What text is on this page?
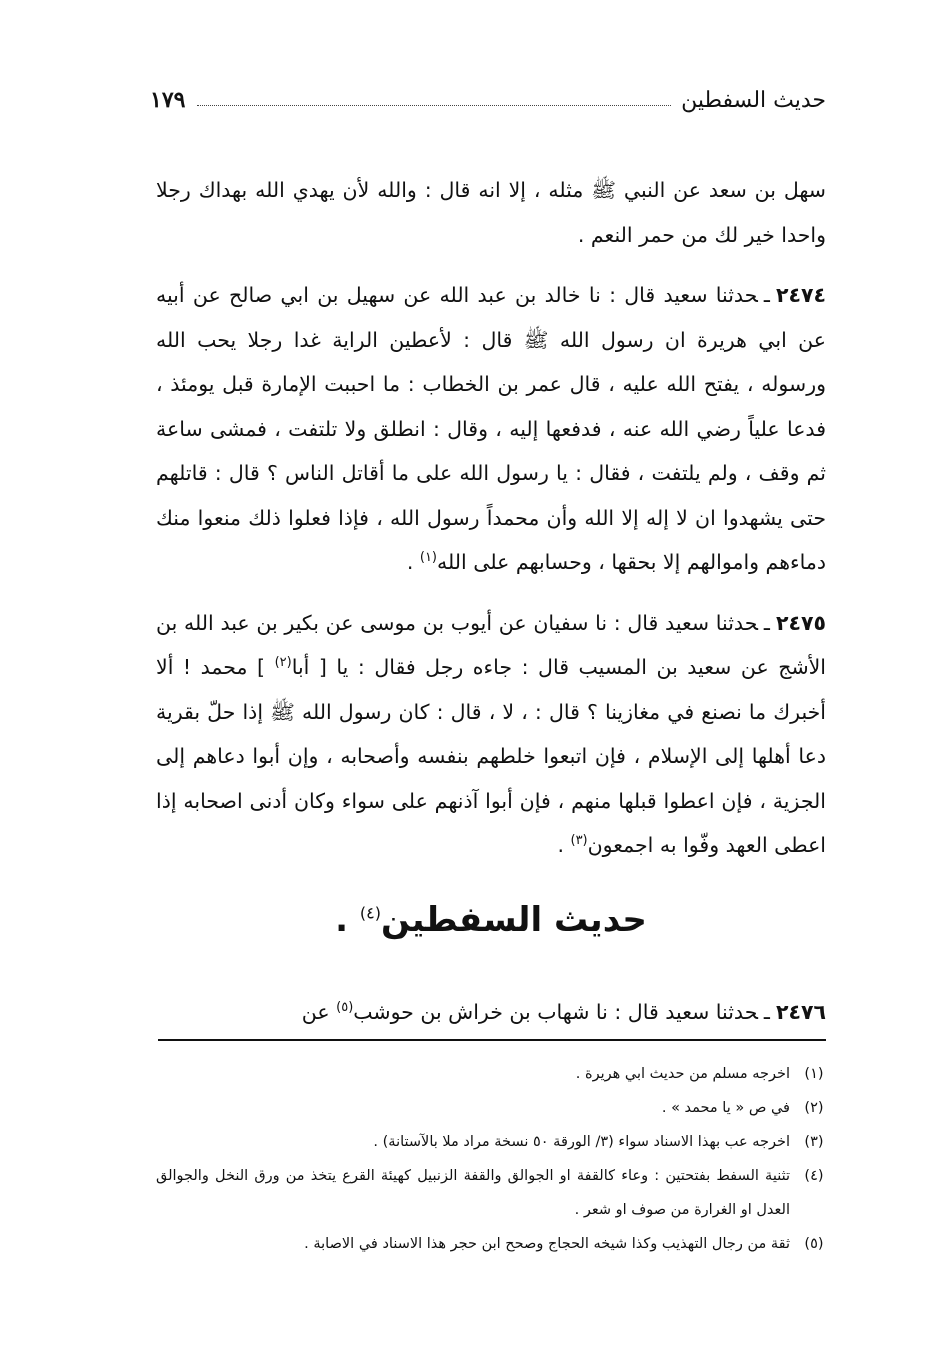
١٧٩	حديث السفطين

سهل بن سعد عن النبي ﷺ مثله ، إلا انه قال : والله لأن يهدي الله بهداك رجلا واحدا خير لك من حمر النعم .

٢٤٧٤ـحدثنا سعيد قال : نا خالد بن عبد الله عن سهيل بن ابي صالح عن أبيه عن ابي هريرة ان رسول الله ﷺ قال : لأعطين الراية غدا رجلا يحب الله ورسوله ، يفتح الله عليه ، قال عمر بن الخطاب : ما احببت الإمارة قبل يومئذ ، فدعا علياً رضي الله عنه ، فدفعها إليه ، وقال : انطلق ولا تلتفت ، فمشى ساعة ثم وقف ، ولم يلتفت ، فقال : يا رسول الله على ما أقاتل الناس ؟ قال : قاتلهم حتى يشهدوا ان لا إله إلا الله وأن محمداً رسول الله ، فإذا فعلوا ذلك منعوا منك دماءهم واموالهم إلا بحقها ، وحسابهم على الله$^{(١)}$ .

٢٤٧٥ـحدثنا سعيد قال : نا سفيان عن أيوب بن موسى عن بكير بن عبد الله بن الأشج عن سعيد بن المسيب قال : جاءه رجل فقال : يا [ أبا$^{(٢)}$ ] محمد ! ألا أخبرك ما نصنع في مغازينا ؟ قال : ، لا ، قال : كان رسول الله ﷺ إذا حلّ بقرية دعا أهلها إلى الإسلام ، فإن اتبعوا خلطهم بنفسه وأصحابه ، وإن أبوا دعاهم إلى الجزية ، فإن اعطوا قبلها منهم ، فإن أبوا آذنهم على سواء وكان أدنى اصحابه إذا اعطى العهد وفّوا به اجمعون$^{(٣)}$ .

حديث السفطين$^{(٤)}$ .
٢٤٧٦ـحدثنا سعيد قال : نا شهاب بن خراش بن حوشب$^{(٥)}$ عن
(١)
اخرجه مسلم من حديث ابي هريرة .
(٢)
في ص « يا محمد » .
(٣)
اخرجه عب بهذا الاسناد سواء (٣/ الورقة ٥٠ نسخة مراد ملا بالآستانة) .
(٤)
تثنية السفط بفتحتين : وعاء كالقفة او الجوالق والقفة الزنبيل كهيئة القرع يتخذ من ورق النخل والجوالق العدل او الغرارة من صوف او شعر .
(٥)
ثقة من رجال التهذيب وكذا شيخه الحجاج وصحح ابن حجر هذا الاسناد في الاصابة .
